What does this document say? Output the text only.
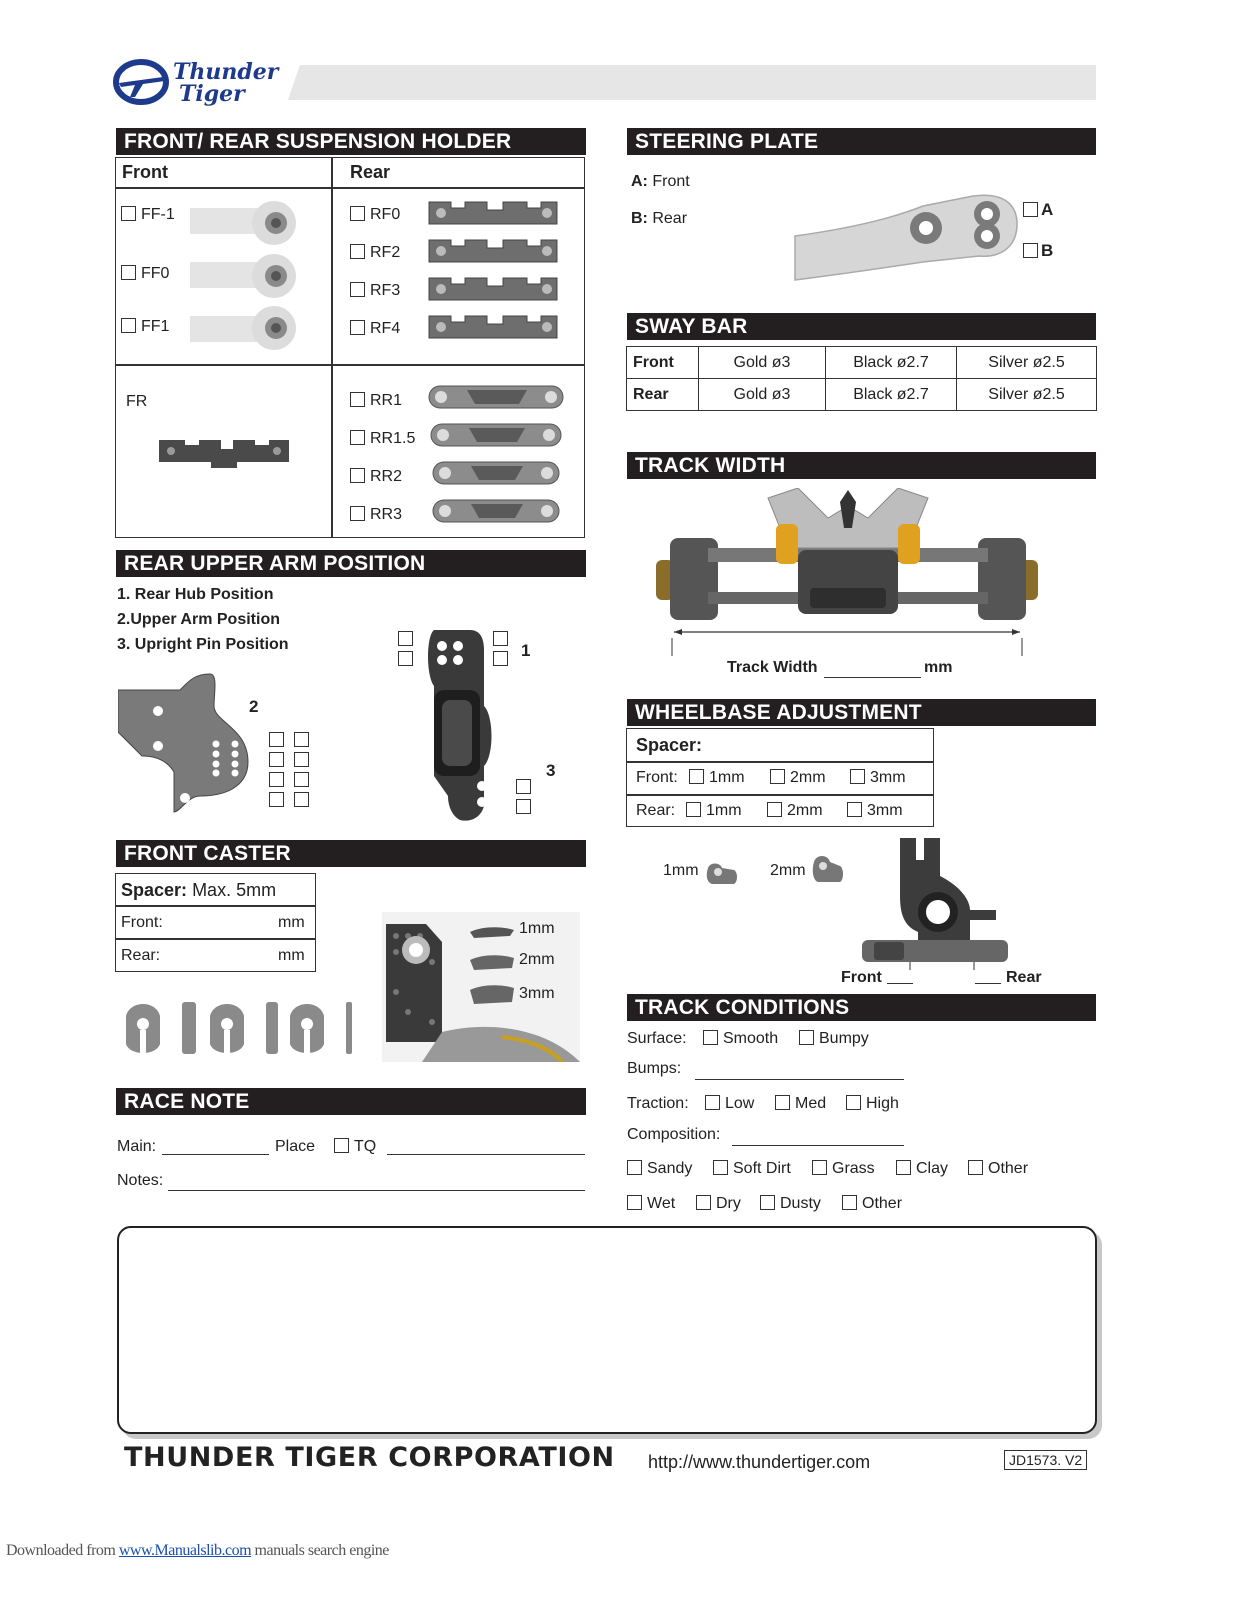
Thunder
Tiger
FRONT/ REAR SUSPENSION HOLDER
Front	Rear
FF-1
FF0
FF1
RF0
RF2
RF3
RF4
FR	RR1
RR1.5
RR2
RR3
STEERING PLATE
A: Front
B: Rear	A
B
SWAY BAR
Front	Gold ø3	Black ø2.7	Silver ø2.5
Rear	Gold ø3	Black ø2.7	Silver ø2.5
TRACK WIDTH
Track Width	mm
REAR UPPER ARM POSITION
1. Rear Hub Position
2.Upper Arm Position
3. Upright Pin Position
2
1
3
WHEELBASE ADJUSTMENT
Spacer:
Front:	1mm	2mm	3mm
Rear:	1mm	2mm	3mm
1mm	2mm
Front	Rear
FRONT CASTER
Spacer: Max. 5mm
Front:	mm
Rear:	mm
1mm
2mm
3mm
TRACK CONDITIONS
Surface:	Smooth	Bumpy
Bumps:
Traction:	Low	Med	High
Composition:
Sandy	Soft Dirt	Grass	Clay	Other
Wet	Dry	Dusty	Other
RACE NOTE
Main:	Place	TQ
Notes:
THUNDER TIGER CORPORATION http://www.thundertiger.com	JD1573. V2
Downloaded from www.Manualslib.com manuals search engine
